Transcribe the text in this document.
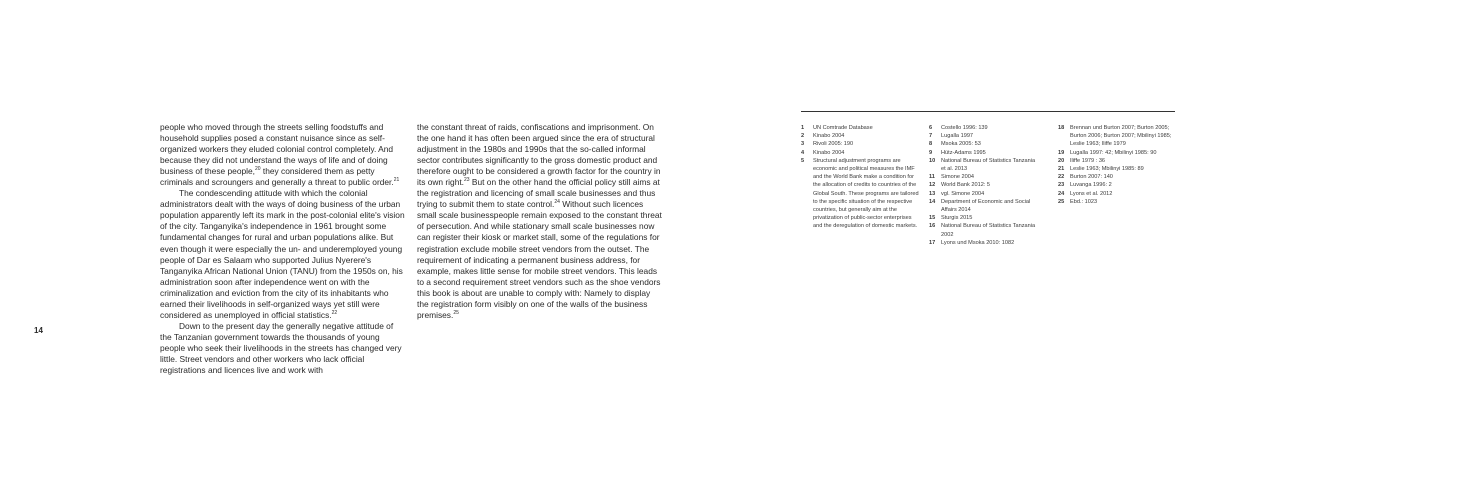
14

people who moved through the streets selling foodstuffs and household supplies posed a constant nuisance since as self-organized workers they eluded colonial control completely. And because they did not understand the ways of life and of doing business of these people,$^{20}$ they considered them as petty criminals and scroungers and generally a threat to public order.$^{21}$

The condescending attitude with which the colonial administrators dealt with the ways of doing business of the urban population apparently left its mark in the post-colonial elite's vision of the city. Tanganyika's independence in 1961 brought some fundamental changes for rural and urban populations alike. But even though it were especially the un- and underemployed young people of Dar es Salaam who supported Julius Nyerere's Tanganyika African National Union (TANU) from the 1950s on, his administration soon after independence went on with the criminalization and eviction from the city of its inhabitants who earned their livelihoods in self-organized ways yet still were considered as unemployed in official statistics.$^{22}$

Down to the present day the generally negative attitude of the Tanzanian government towards the thousands of young people who seek their livelihoods in the streets has changed very little. Street vendors and other workers who lack official registrations and licences live and work with

the constant threat of raids, confiscations and imprisonment. On the one hand it has often been argued since the era of structural adjustment in the 1980s and 1990s that the so-called informal sector contributes significantly to the gross domestic product and therefore ought to be considered a growth factor for the country in its own right.$^{23}$ But on the other hand the official policy still aims at the registration and licencing of small scale businesses and thus trying to submit them to state control.$^{24}$ Without such licences small scale businesspeople remain exposed to the constant threat of persecution. And while stationary small scale businesses now can register their kiosk or market stall, some of the regulations for registration exclude mobile street vendors from the outset. The requirement of indicating a permanent business address, for example, makes little sense for mobile street vendors. This leads to a second requirement street vendors such as the shoe vendors this book is about are unable to comply with: Namely to display the registration form visibly on one of the walls of the business premises.$^{25}$

1 UN Comtrade Database
2 Kinabo 2004
3 Rivoli 2005: 190
4 Kinabo 2004
5 Structural adjustment programs are economic and political measures the IMF and the World Bank make a condition for the allocation of credits to countries of the Global South. These programs are tailored to the specific situation of the respective countries, but generally aim at the privatization of public-sector enterprises and the deregulation of domestic markets.
6 Costello 1996: 139
7 Lugalla 1997
8 Msoka 2005: 53
9 Hütz-Adams 1995
10 National Bureau of Statistics Tanzania et al. 2013
11 Simone 2004
12 World Bank 2012: 5
13 vgl. Simone 2004
14 Department of Economic and Social Affairs 2014
15 Sturgis 2015
16 National Bureau of Statistics Tanzania 2002
17 Lyons und Msoka 2010: 1082
18 Brennan und Burton 2007; Burton 2005; Burton 2006; Burton 2007; Mbilinyi 1985; Leslie 1963; Iliffe 1979
19 Lugalla 1997: 42; Mbilinyi 1985: 90
20 Iliffe 1979 : 36
21 Leslie 1963; Mbilinyi 1985: 89
22 Burton 2007: 140
23 Luvanga 1996: 2
24 Lyons et al. 2012
25 Ebd.: 1023
